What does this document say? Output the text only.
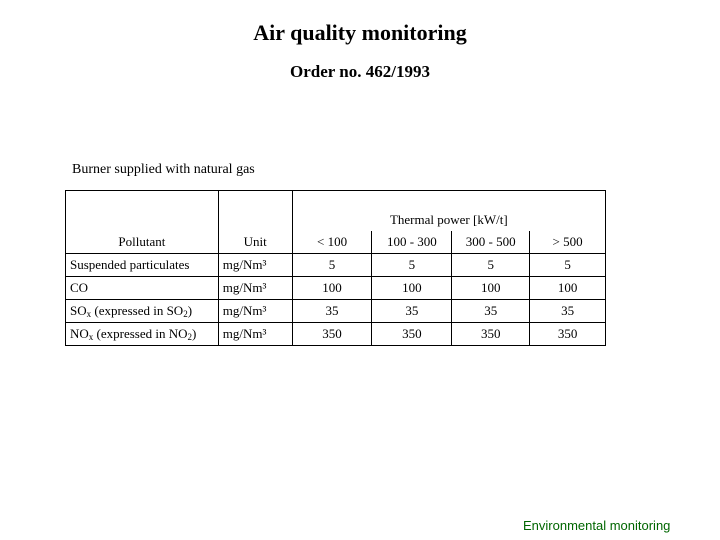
Air quality monitoring
Order no. 462/1993
Burner supplied with natural gas
		Thermal power [kW/t]			
Pollutant	Unit	< 100	100 - 300	300 - 500	> 500
Suspended particulates	mg/Nm³	5	5	5	5
CO	mg/Nm³	100	100	100	100
$SO_x$ (expressed in $SO_2$)	mg/Nm³	35	35	35	35
$NO_x$ (expressed in $NO_2$)	mg/Nm³	350	350	350	350
Environmental monitoring
